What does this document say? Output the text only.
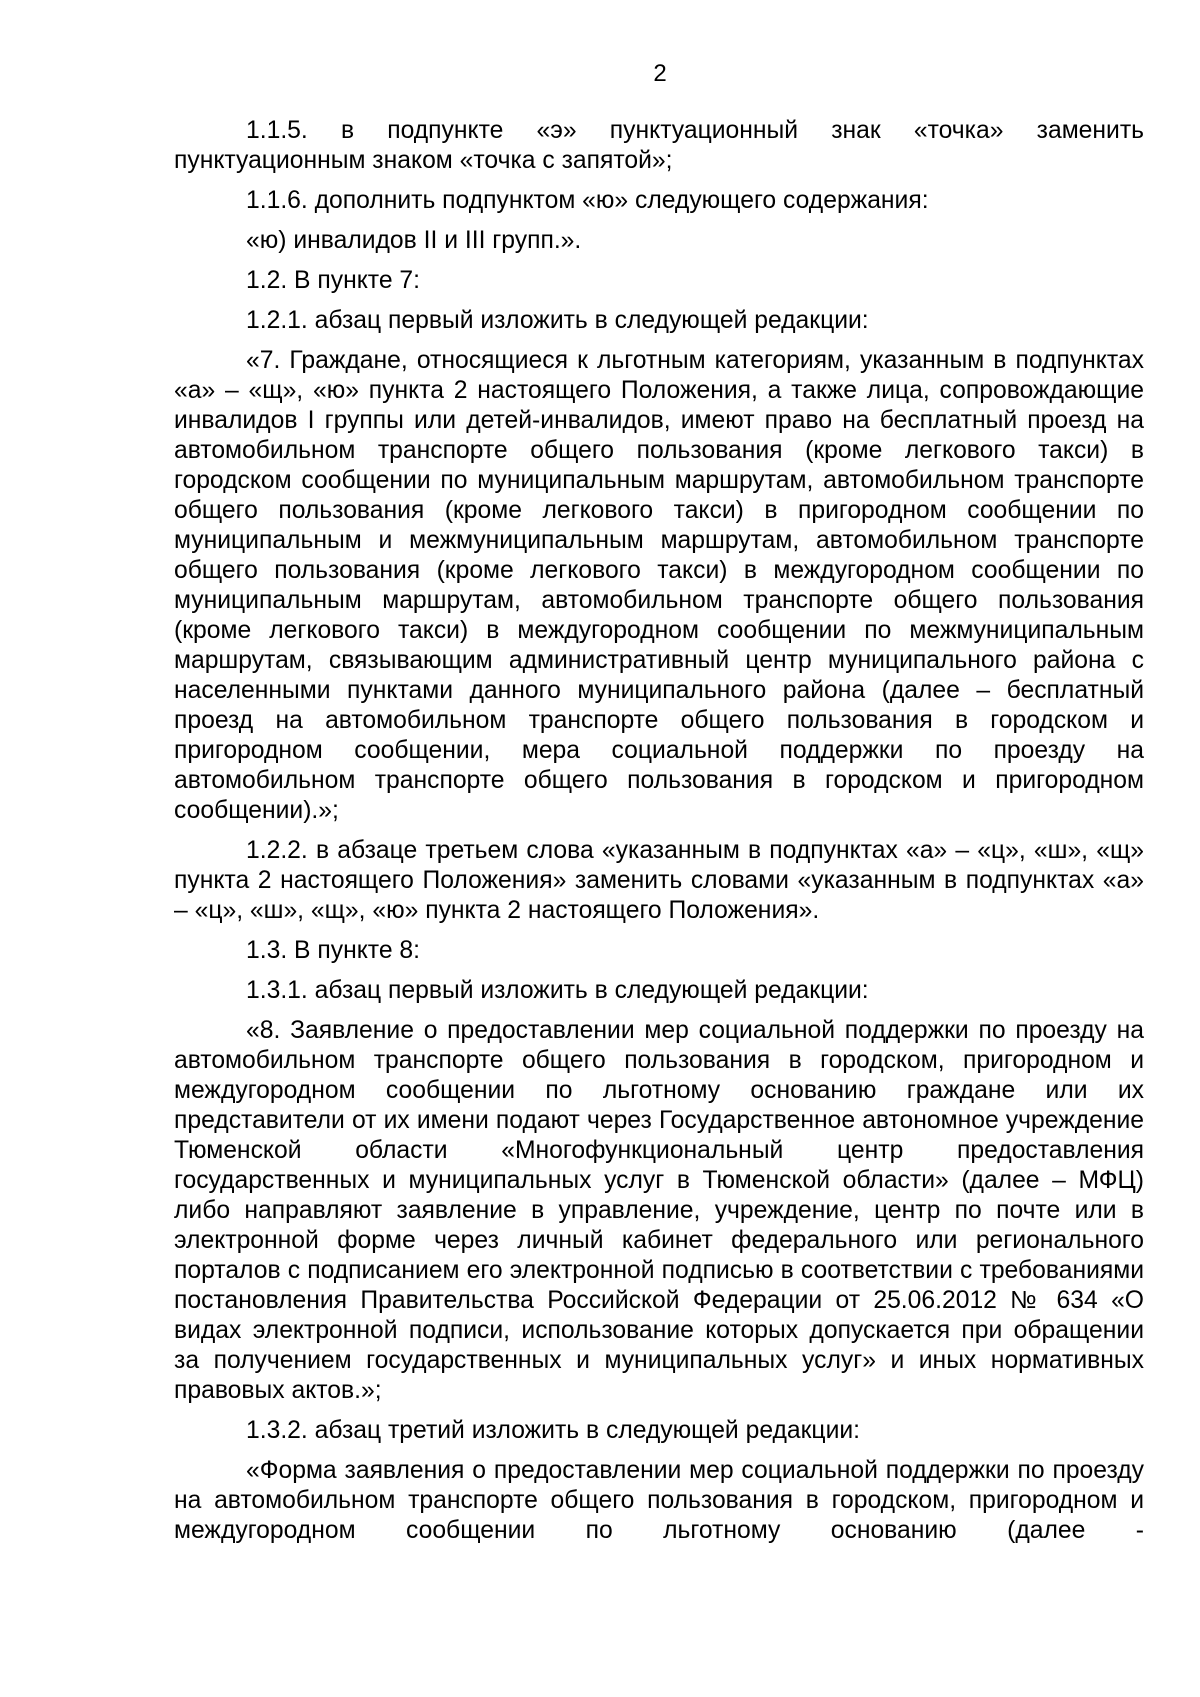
2

1.1.5. в подпункте «э» пунктуационный знак «точка» заменить пунктуационным знаком «точка с запятой»;

1.1.6. дополнить подпунктом «ю» следующего содержания:

«ю) инвалидов II и III групп.».

1.2. В пункте 7:

1.2.1. абзац первый изложить в следующей редакции:

«7. Граждане, относящиеся к льготным категориям, указанным в подпунктах «а» – «щ», «ю» пункта 2 настоящего Положения, а также лица, сопровождающие инвалидов I группы или детей-инвалидов, имеют право на бесплатный проезд на автомобильном транспорте общего пользования (кроме легкового такси) в городском сообщении по муниципальным маршрутам, автомобильном транспорте общего пользования (кроме легкового такси) в пригородном сообщении по муниципальным и межмуниципальным маршрутам, автомобильном транспорте общего пользования (кроме легкового такси) в междугородном сообщении по муниципальным маршрутам, автомобильном транспорте общего пользования (кроме легкового такси) в междугородном сообщении по межмуниципальным маршрутам, связывающим административный центр муниципального района с населенными пунктами данного муниципального района (далее – бесплатный проезд на автомобильном транспорте общего пользования в городском и пригородном сообщении, мера социальной поддержки по проезду на автомобильном транспорте общего пользования в городском и пригородном сообщении).»;

1.2.2. в абзаце третьем слова «указанным в подпунктах «а» – «ц», «ш», «щ» пункта 2 настоящего Положения» заменить словами «указанным в подпунктах «а» – «ц», «ш», «щ», «ю» пункта 2 настоящего Положения».

1.3. В пункте 8:

1.3.1. абзац первый изложить в следующей редакции:

«8. Заявление о предоставлении мер социальной поддержки по проезду на автомобильном транспорте общего пользования в городском, пригородном и междугородном сообщении по льготному основанию граждане или их представители от их имени подают через Государственное автономное учреждение Тюменской области «Многофункциональный центр предоставления государственных и муниципальных услуг в Тюменской области» (далее – МФЦ) либо направляют заявление в управление, учреждение, центр по почте или в электронной форме через личный кабинет федерального или регионального порталов с подписанием его электронной подписью в соответствии с требованиями постановления Правительства Российской Федерации от 25.06.2012 № 634 «О видах электронной подписи, использование которых допускается при обращении за получением государственных и муниципальных услуг» и иных нормативных правовых актов.»;

1.3.2. абзац третий изложить в следующей редакции:

«Форма заявления о предоставлении мер социальной поддержки по проезду на автомобильном транспорте общего пользования в городском, пригородном и междугородном сообщении по льготному основанию (далее -
